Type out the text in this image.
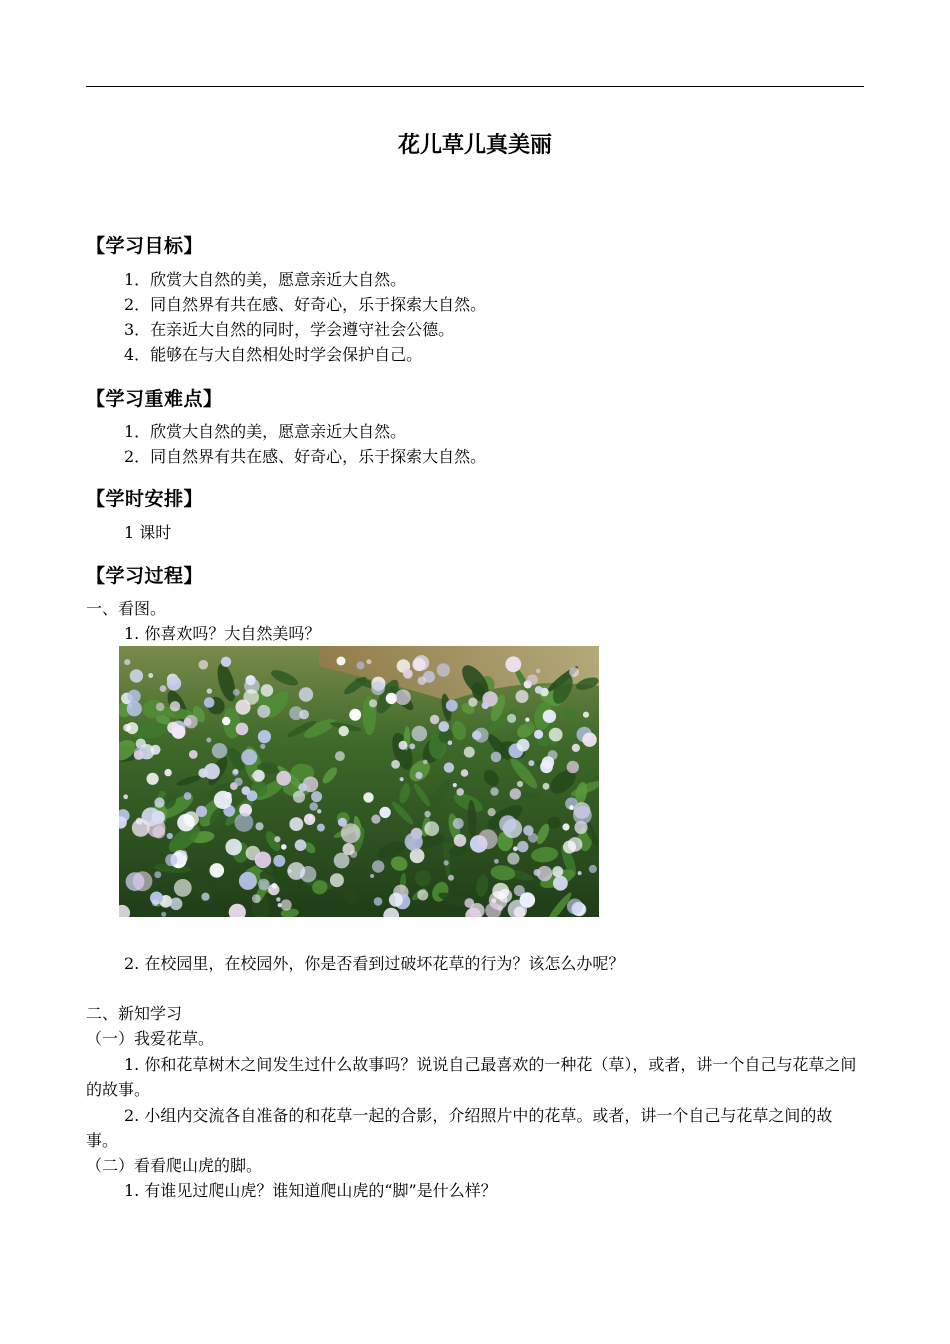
花儿草儿真美丽
【学习目标】
1．欣赏大自然的美，愿意亲近大自然。
2．同自然界有共在感、好奇心，乐于探索大自然。
3．在亲近大自然的同时，学会遵守社会公德。
4．能够在与大自然相处时学会保护自己。
【学习重难点】
1．欣赏大自然的美，愿意亲近大自然。
2．同自然界有共在感、好奇心，乐于探索大自然。
【学时安排】
1 课时
【学习过程】
一、看图。
1. 你喜欢吗？大自然美吗？
2. 在校园里，在校园外，你是否看到过破坏花草的行为？该怎么办呢？
二、新知学习
（一）我爱花草。
1. 你和花草树木之间发生过什么故事吗？说说自己最喜欢的一种花（草），或者，讲一个自己与花草之间的故事。
2. 小组内交流各自准备的和花草一起的合影，介绍照片中的花草。或者，讲一个自己与花草之间的故事。
（二）看看爬山虎的脚。
1. 有谁见过爬山虎？谁知道爬山虎的“脚”是什么样？
